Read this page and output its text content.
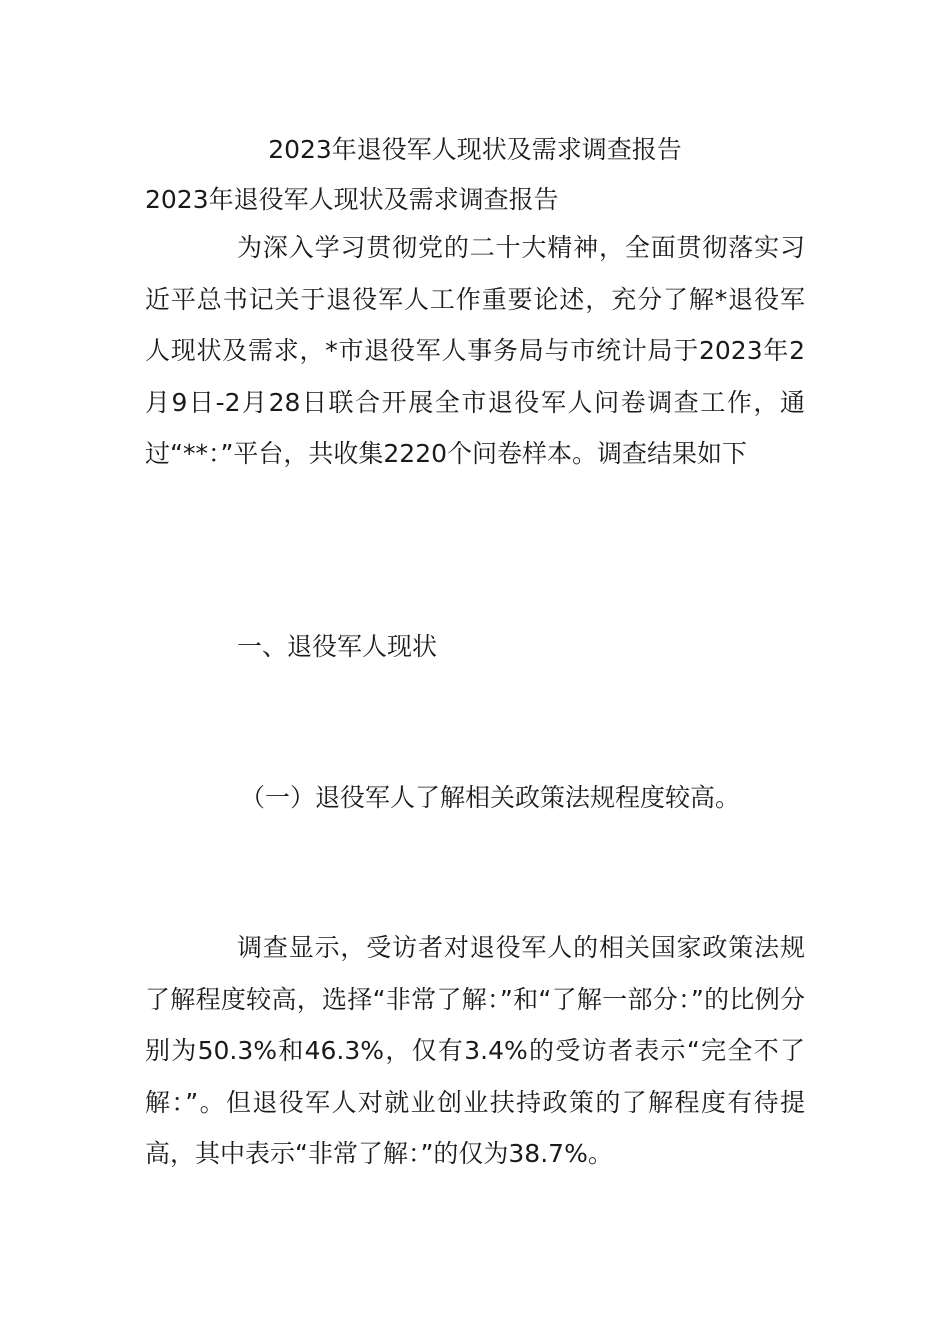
2023年退役军人现状及需求调查报告

2023年退役军人现状及需求调查报告

为深入学习贯彻党的二十大精神，全面贯彻落实习近平总书记关于退役军人工作重要论述，充分了解*退役军人现状及需求，*市退役军人事务局与市统计局于2023年2月9日-2月28日联合开展全市退役军人问卷调查工作，通过“**：”平台，共收集2220个问卷样本。调查结果如下

一、退役军人现状
（一）退役军人了解相关政策法规程度较高。

调查显示，受访者对退役军人的相关国家政策法规了解程度较高，选择“非常了解：”和“了解一部分：”的比例分别为50.3%和46.3%，仅有3.4%的受访者表示“完全不了解：”。但退役军人对就业创业扶持政策的了解程度有待提高，其中表示“非常了解：”的仅为38.7%。
